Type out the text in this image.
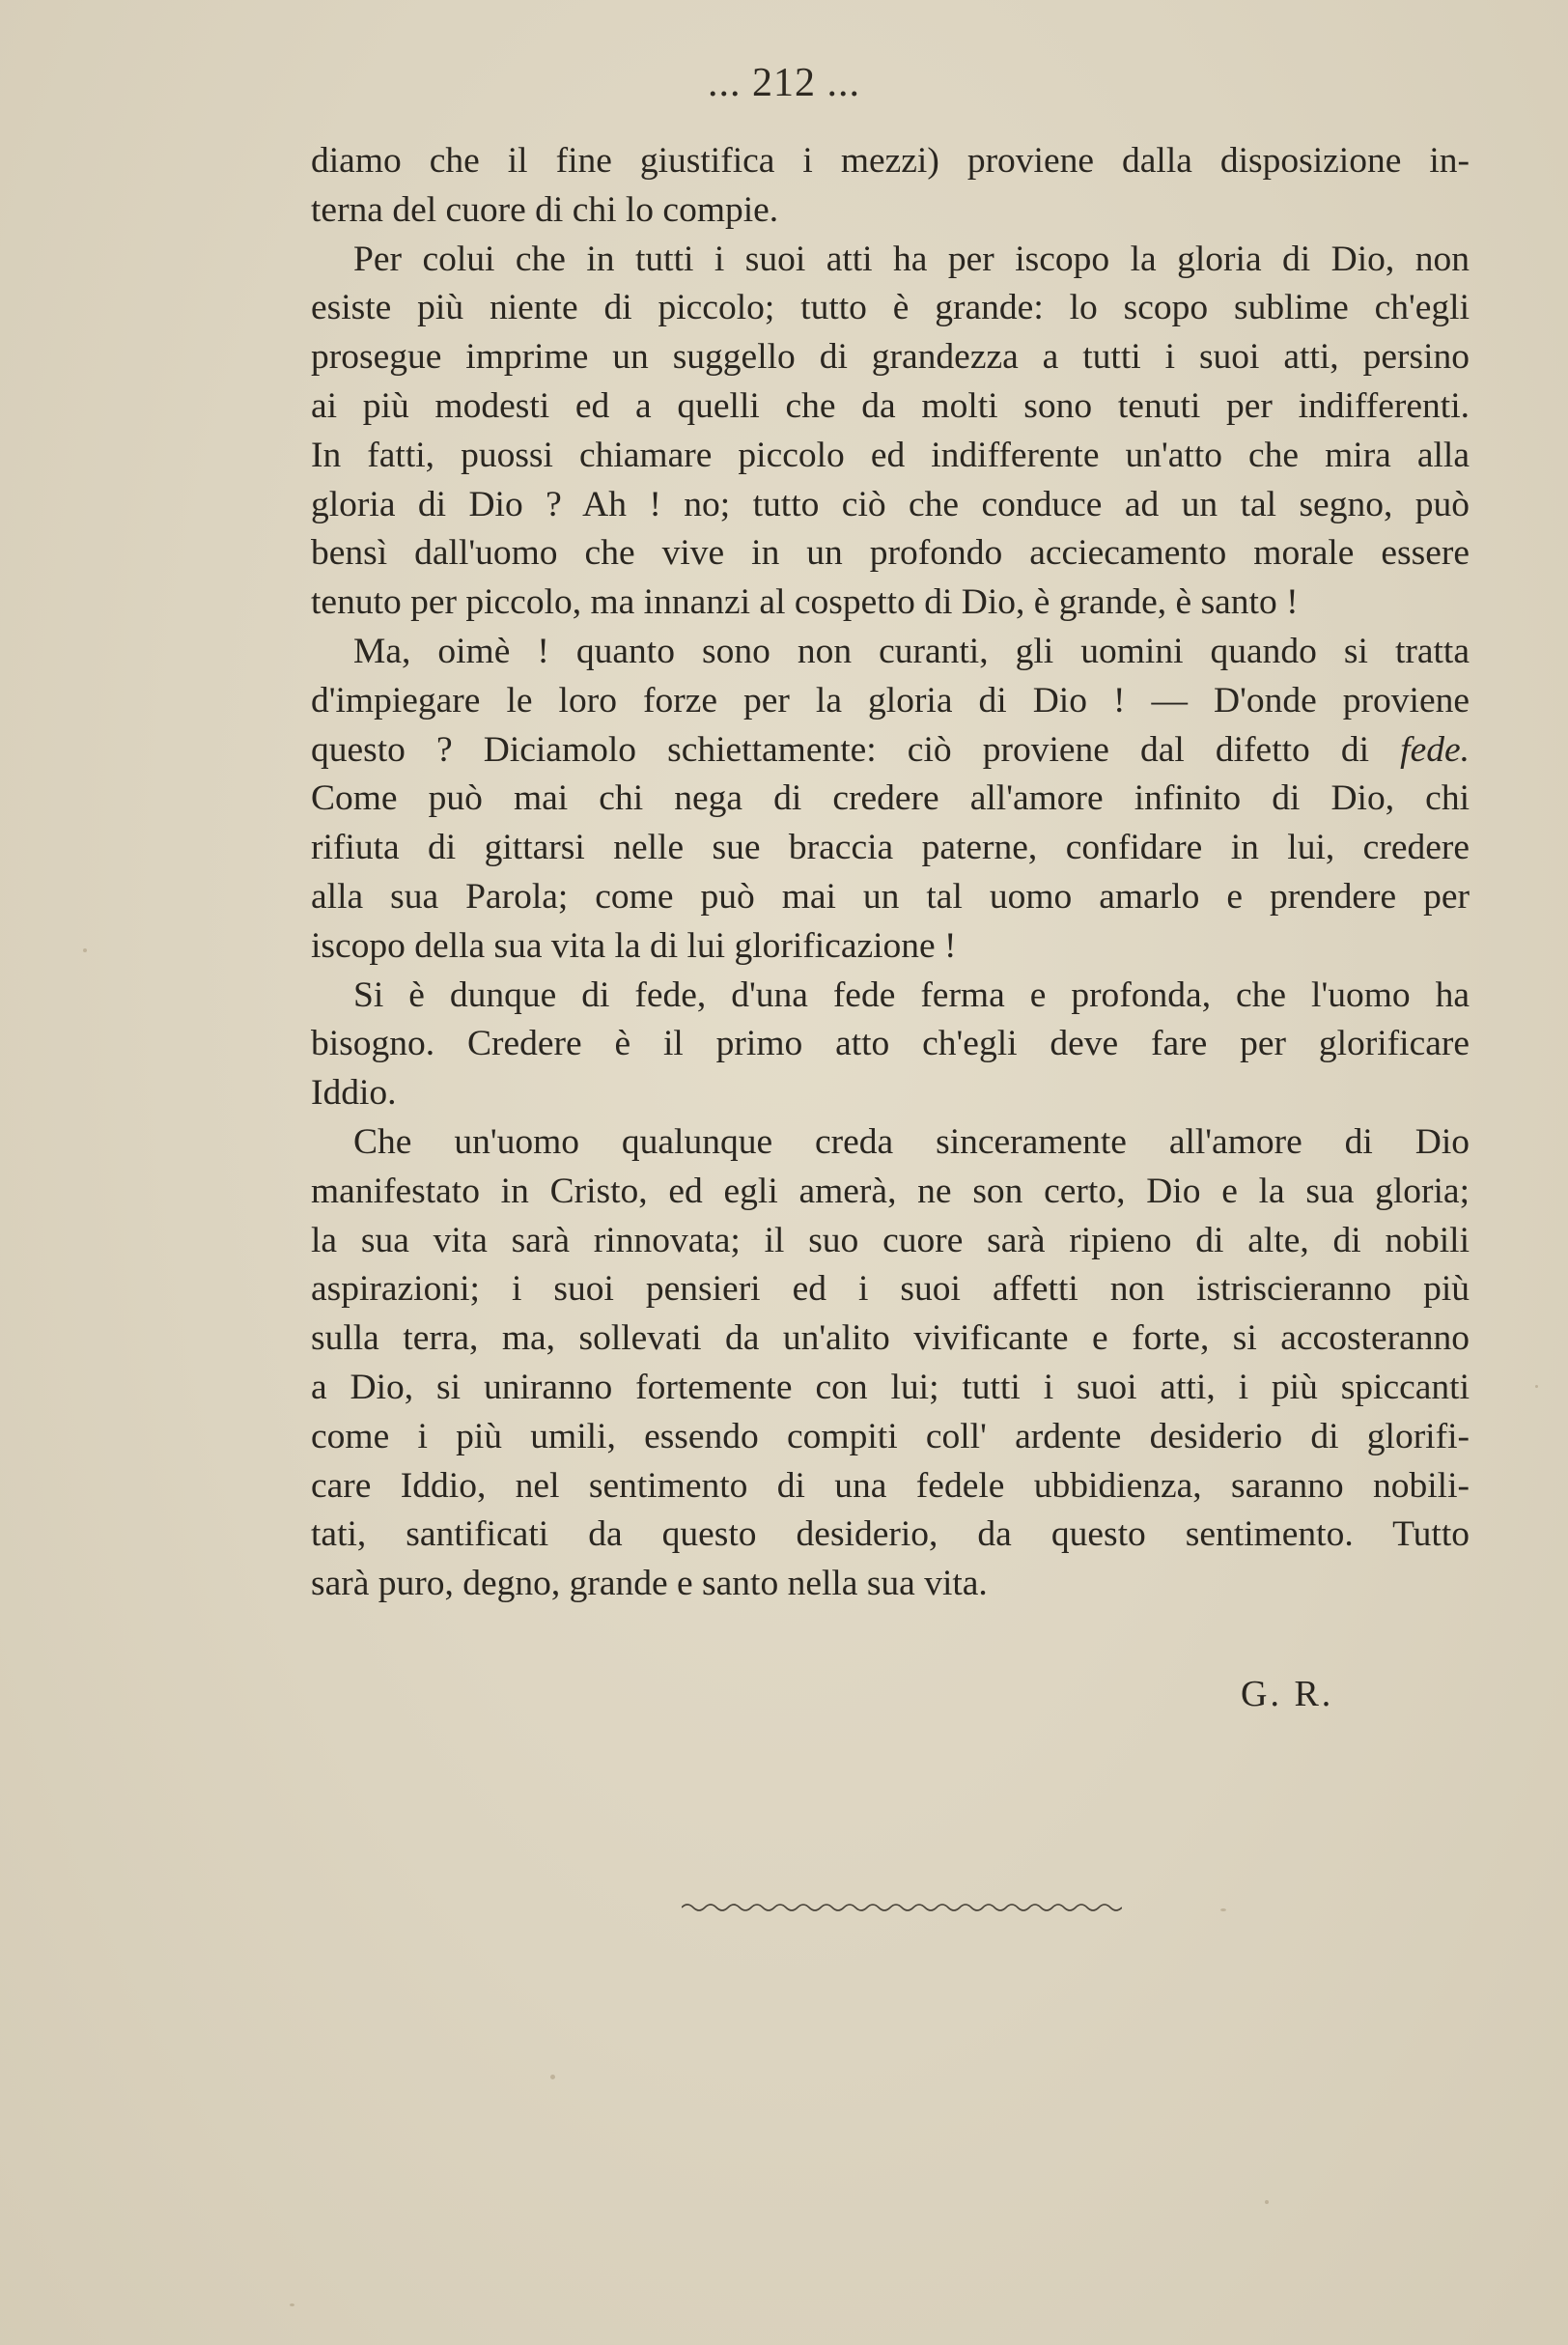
... 212 ...

diamo che il fine giustifica i mezzi) proviene dalla disposizione in-
terna del cuore di chi lo compie.

Per colui che in tutti i suoi atti ha per iscopo la gloria di Dio, non
esiste più niente di piccolo; tutto è grande: lo scopo sublime ch'egli
prosegue imprime un suggello di grandezza a tutti i suoi atti, persino
ai più modesti ed a quelli che da molti sono tenuti per indifferenti.
In fatti, puossi chiamare piccolo ed indifferente un'atto che mira alla
gloria di Dio ? Ah ! no; tutto ciò che conduce ad un tal segno, può
bensì dall'uomo che vive in un profondo acciecamento morale essere
tenuto per piccolo, ma innanzi al cospetto di Dio, è grande, è santo !

Ma, oimè ! quanto sono non curanti, gli uomini quando si tratta
d'impiegare le loro forze per la gloria di Dio ! — D'onde proviene
questo ? Diciamolo schiettamente: ciò proviene dal difetto di fede.
Come può mai chi nega di credere all'amore infinito di Dio, chi
rifiuta di gittarsi nelle sue braccia paterne, confidare in lui, credere
alla sua Parola; come può mai un tal uomo amarlo e prendere per
iscopo della sua vita la di lui glorificazione !

Si è dunque di fede, d'una fede ferma e profonda, che l'uomo ha
bisogno. Credere è il primo atto ch'egli deve fare per glorificare
Iddio.

Che un'uomo qualunque creda sinceramente all'amore di Dio
manifestato in Cristo, ed egli amerà, ne son certo, Dio e la sua gloria;
la sua vita sarà rinnovata; il suo cuore sarà ripieno di alte, di nobili
aspirazioni; i suoi pensieri ed i suoi affetti non istriscieranno più
sulla terra, ma, sollevati da un'alito vivificante e forte, si accosteranno
a Dio, si uniranno fortemente con lui; tutti i suoi atti, i più spiccanti
come i più umili, essendo compiti coll' ardente desiderio di glorifi-
care Iddio, nel sentimento di una fedele ubbidienza, saranno nobili-
tati, santificati da questo desiderio, da questo sentimento. Tutto
sarà puro, degno, grande e santo nella sua vita.

G. R.
